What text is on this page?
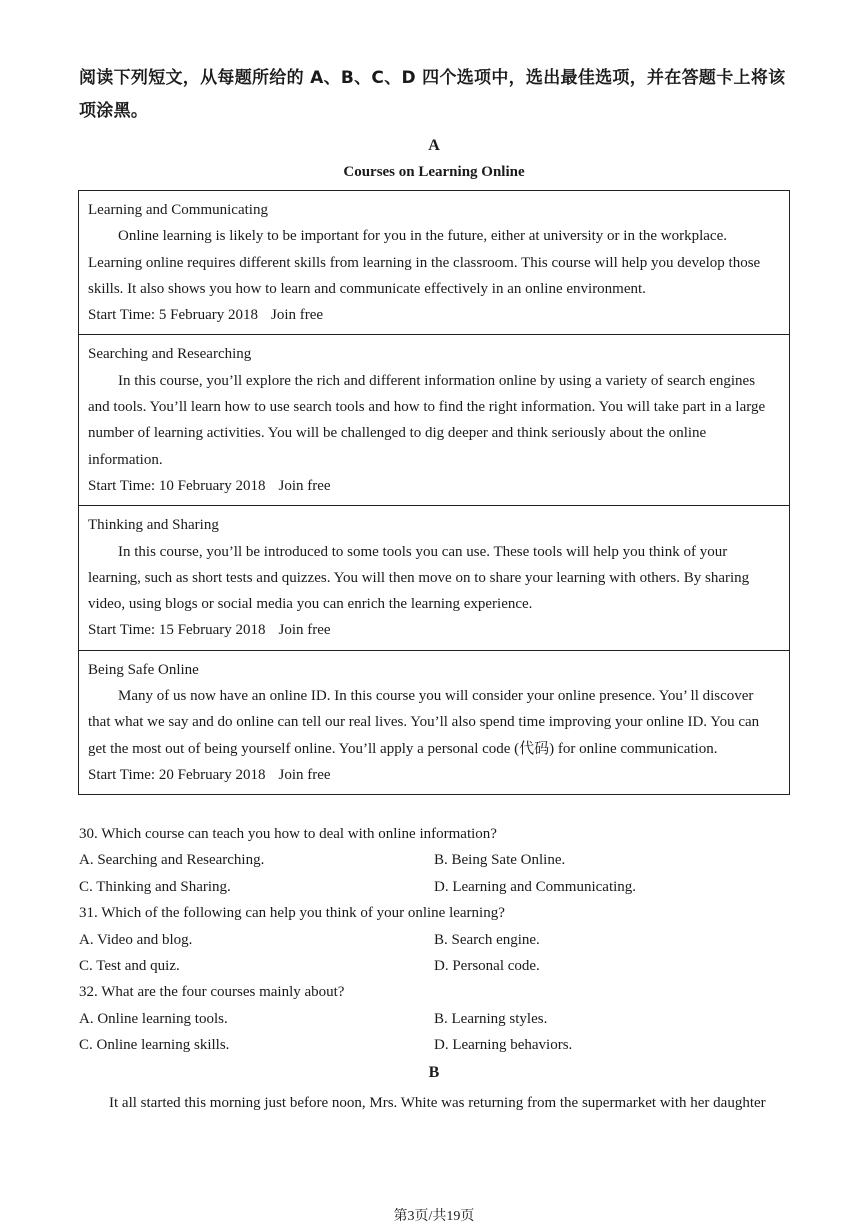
阅读下列短文，从每题所给的 A、B、C、D 四个选项中，选出最佳选项，并在答题卡上将该项涂黑。
A
Courses on Learning Online
Learning and Communicating
Online learning is likely to be important for you in the future, either at university or in the workplace. Learning online requires different skills from learning in the classroom. This course will help you develop those skills. It also shows you how to learn and communicate effectively in an online environment.
Start Time: 5 February 2018 Join free
Searching and Researching
In this course, you’ll explore the rich and different information online by using a variety of search engines and tools. You’ll learn how to use search tools and how to find the right information. You will take part in a large number of learning activities. You will be challenged to dig deeper and think seriously about the online information.
Start Time: 10 February 2018 Join free
Thinking and Sharing
In this course, you’ll be introduced to some tools you can use. These tools will help you think of your learning, such as short tests and quizzes. You will then move on to share your learning with others. By sharing video, using blogs or social media you can enrich the learning experience.
Start Time: 15 February 2018 Join free
Being Safe Online
Many of us now have an online ID. In this course you will consider your online presence. You’ ll discover that what we say and do online can tell our real lives. You’ll also spend time improving your online ID. You can get the most out of being yourself online. You’ll apply a personal code (代码) for online communication.
Start Time: 20 February 2018 Join free
30. Which course can teach you how to deal with online information?
A. Searching and Researching.	B. Being Sate Online.
C. Thinking and Sharing.	D. Learning and Communicating.
31. Which of the following can help you think of your online learning?
A. Video and blog.	B. Search engine.
C. Test and quiz.	D. Personal code.
32. What are the four courses mainly about?
A. Online learning tools.	B. Learning styles.
C. Online learning skills.	D. Learning behaviors.
B
It all started this morning just before noon, Mrs. White was returning from the supermarket with her daughter
第3页/共19页
